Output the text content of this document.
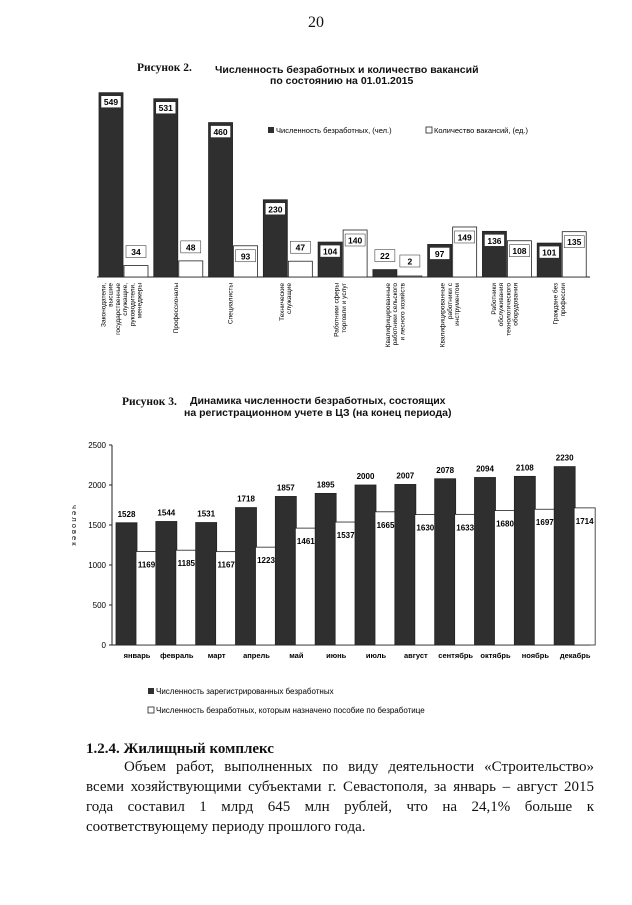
20
Рисунок 2. Численность безработных и количество вакансий
по состоянию на 01.01.2015
Численность безработных, (чел.)	Количество вакансий, (ед.)
549
34
Законодатели, высшие государственные служащие, руководители, менеджеры
531
48
Профессионалы
460
93
Специалисты
230
47
Технические служащие
104
140
Работники сферы торговли и услуг
22
2
Квалифицированные работники сельского и лесного хозяйств
97
149
Квалифицированные работники с инструментом
136
108
Работники обслуживания технологического оборудования
101
135
Граждане без профессии
Рисунок 3. Динамика численности безработных, состоящих
на регистрационном учете в ЦЗ (на конец периода)
0
500
1000
1500
2000
2500
ч е л о в е к	1528
1169
январь
1544
1185
февраль
1531
1167
март
1718
1223
апрель
1857
1461
май
1895
1537
июнь
2000
1665
июль
2007
1630
август
2078
1633
сентябрь
2094
1680
октябрь
2108
1697
ноябрь
2230
1714
декабрь
Численность зарегистрированных безработных
Численность безработных, которым назначено пособие по безработице
1.2.4. Жилищный комплекс
Объем работ, выполненных по виду деятельности «Строительство» всеми хозяйствующими субъектами г. Севастополя, за январь – август 2015 года составил 1 млрд 645 млн рублей, что на 24,1% больше к соответствующему периоду прошлого года.
